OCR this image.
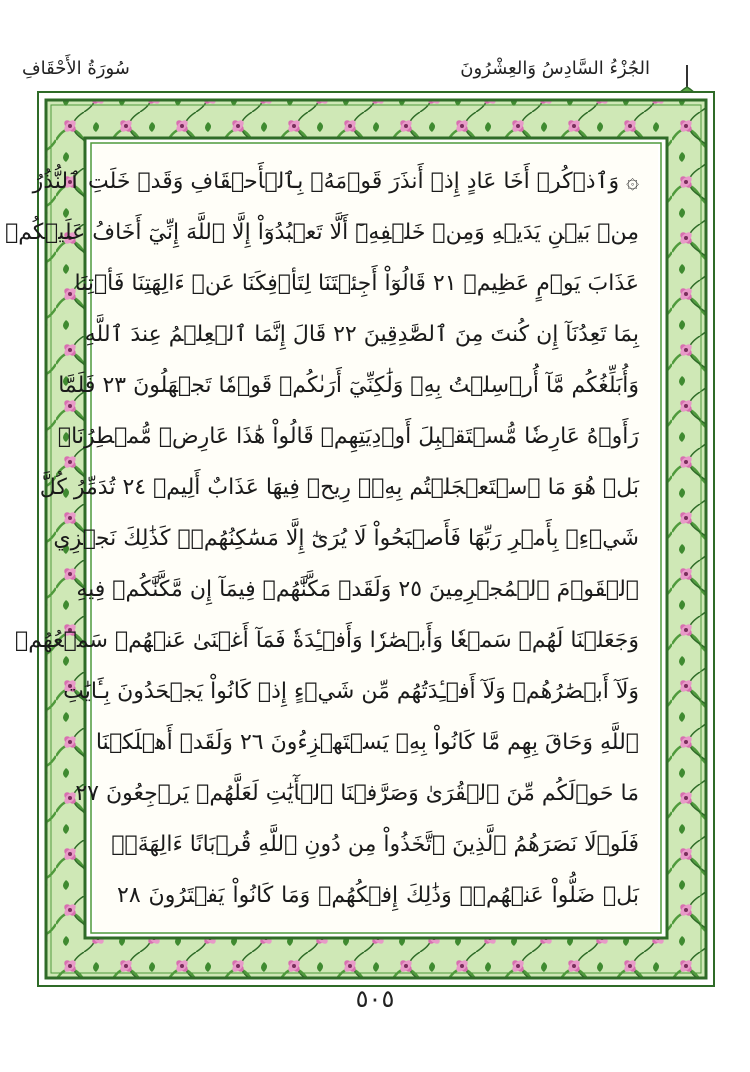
الجُزْءُ السَّادِسُ وَالعِشْرُونَ
سُورَةُ الأَحْقَافِ
۞ وَٱذۡكُرۡ أَخَا عَادٍ إِذۡ أَنذَرَ قَوۡمَهُۥ بِٱلۡأَحۡقَافِ وَقَدۡ خَلَتِ ٱلنُّذُرُ
مِنۢ بَيۡنِ يَدَيۡهِ وَمِنۡ خَلۡفِهِۦٓ أَلَّا تَعۡبُدُوٓاْ إِلَّا ٱللَّهَ إِنِّيٓ أَخَافُ عَلَيۡكُمۡ
عَذَابَ يَوۡمٍ عَظِيمٖ ٢١ قَالُوٓاْ أَجِئۡتَنَا لِتَأۡفِكَنَا عَنۡ ءَالِهَتِنَا فَأۡتِنَا
بِمَا تَعِدُنَآ إِن كُنتَ مِنَ ٱلصَّٰدِقِينَ ٢٢ قَالَ إِنَّمَا ٱلۡعِلۡمُ عِندَ ٱللَّهِ
وَأُبَلِّغُكُم مَّآ أُرۡسِلۡتُ بِهِۦ وَلَٰكِنِّيٓ أَرَىٰكُمۡ قَوۡمٗا تَجۡهَلُونَ ٢٣ فَلَمَّا
رَأَوۡهُ عَارِضٗا مُّسۡتَقۡبِلَ أَوۡدِيَتِهِمۡ قَالُواْ هَٰذَا عَارِضٞ مُّمۡطِرُنَاۚ
بَلۡ هُوَ مَا ٱسۡتَعۡجَلۡتُم بِهِۦۖ رِيحٞ فِيهَا عَذَابٌ أَلِيمٞ ٢٤ تُدَمِّرُ كُلَّ
شَيۡءِۭ بِأَمۡرِ رَبِّهَا فَأَصۡبَحُواْ لَا يُرَىٰٓ إِلَّا مَسَٰكِنُهُمۡۚ كَذَٰلِكَ نَجۡزِي
ٱلۡقَوۡمَ ٱلۡمُجۡرِمِينَ ٢٥ وَلَقَدۡ مَكَّنَّٰهُمۡ فِيمَآ إِن مَّكَّنَّٰكُمۡ فِيهِ
وَجَعَلۡنَا لَهُمۡ سَمۡعٗا وَأَبۡصَٰرٗا وَأَفۡـِٔدَةٗ فَمَآ أَغۡنَىٰ عَنۡهُمۡ سَمۡعُهُمۡ
وَلَآ أَبۡصَٰرُهُمۡ وَلَآ أَفۡـِٔدَتُهُم مِّن شَيۡءٍ إِذۡ كَانُواْ يَجۡحَدُونَ بِـَٔايَٰتِ
ٱللَّهِ وَحَاقَ بِهِم مَّا كَانُواْ بِهِۦ يَسۡتَهۡزِءُونَ ٢٦ وَلَقَدۡ أَهۡلَكۡنَا
مَا حَوۡلَكُم مِّنَ ٱلۡقُرَىٰ وَصَرَّفۡنَا ٱلۡأٓيَٰتِ لَعَلَّهُمۡ يَرۡجِعُونَ ٢٧
فَلَوۡلَا نَصَرَهُمُ ٱلَّذِينَ ٱتَّخَذُواْ مِن دُونِ ٱللَّهِ قُرۡبَانًا ءَالِهَةَۢۖ
بَلۡ ضَلُّواْ عَنۡهُمۡۚ وَذَٰلِكَ إِفۡكُهُمۡ وَمَا كَانُواْ يَفۡتَرُونَ ٢٨
٥٠٥
